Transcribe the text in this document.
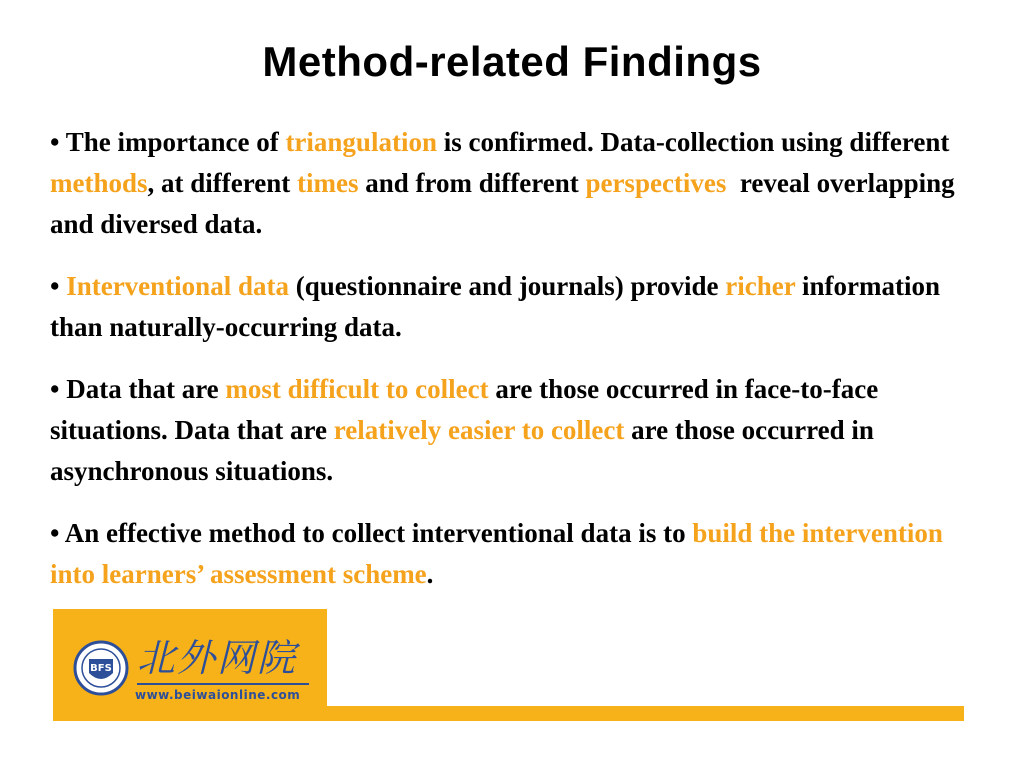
Method-related Findings
• The importance of triangulation is confirmed. Data-collection using different methods, at different times and from different perspectives  reveal overlapping and diversed data.
• Interventional data (questionnaire and journals) provide richer information than naturally-occurring data.
• Data that are most difficult to collect are those occurred in face-to-face situations. Data that are relatively easier to collect are those occurred in asynchronous situations.
• An effective method to collect interventional data is to build the intervention into learners’ assessment scheme.
BFS 北外网院
www.beiwaionline.com
